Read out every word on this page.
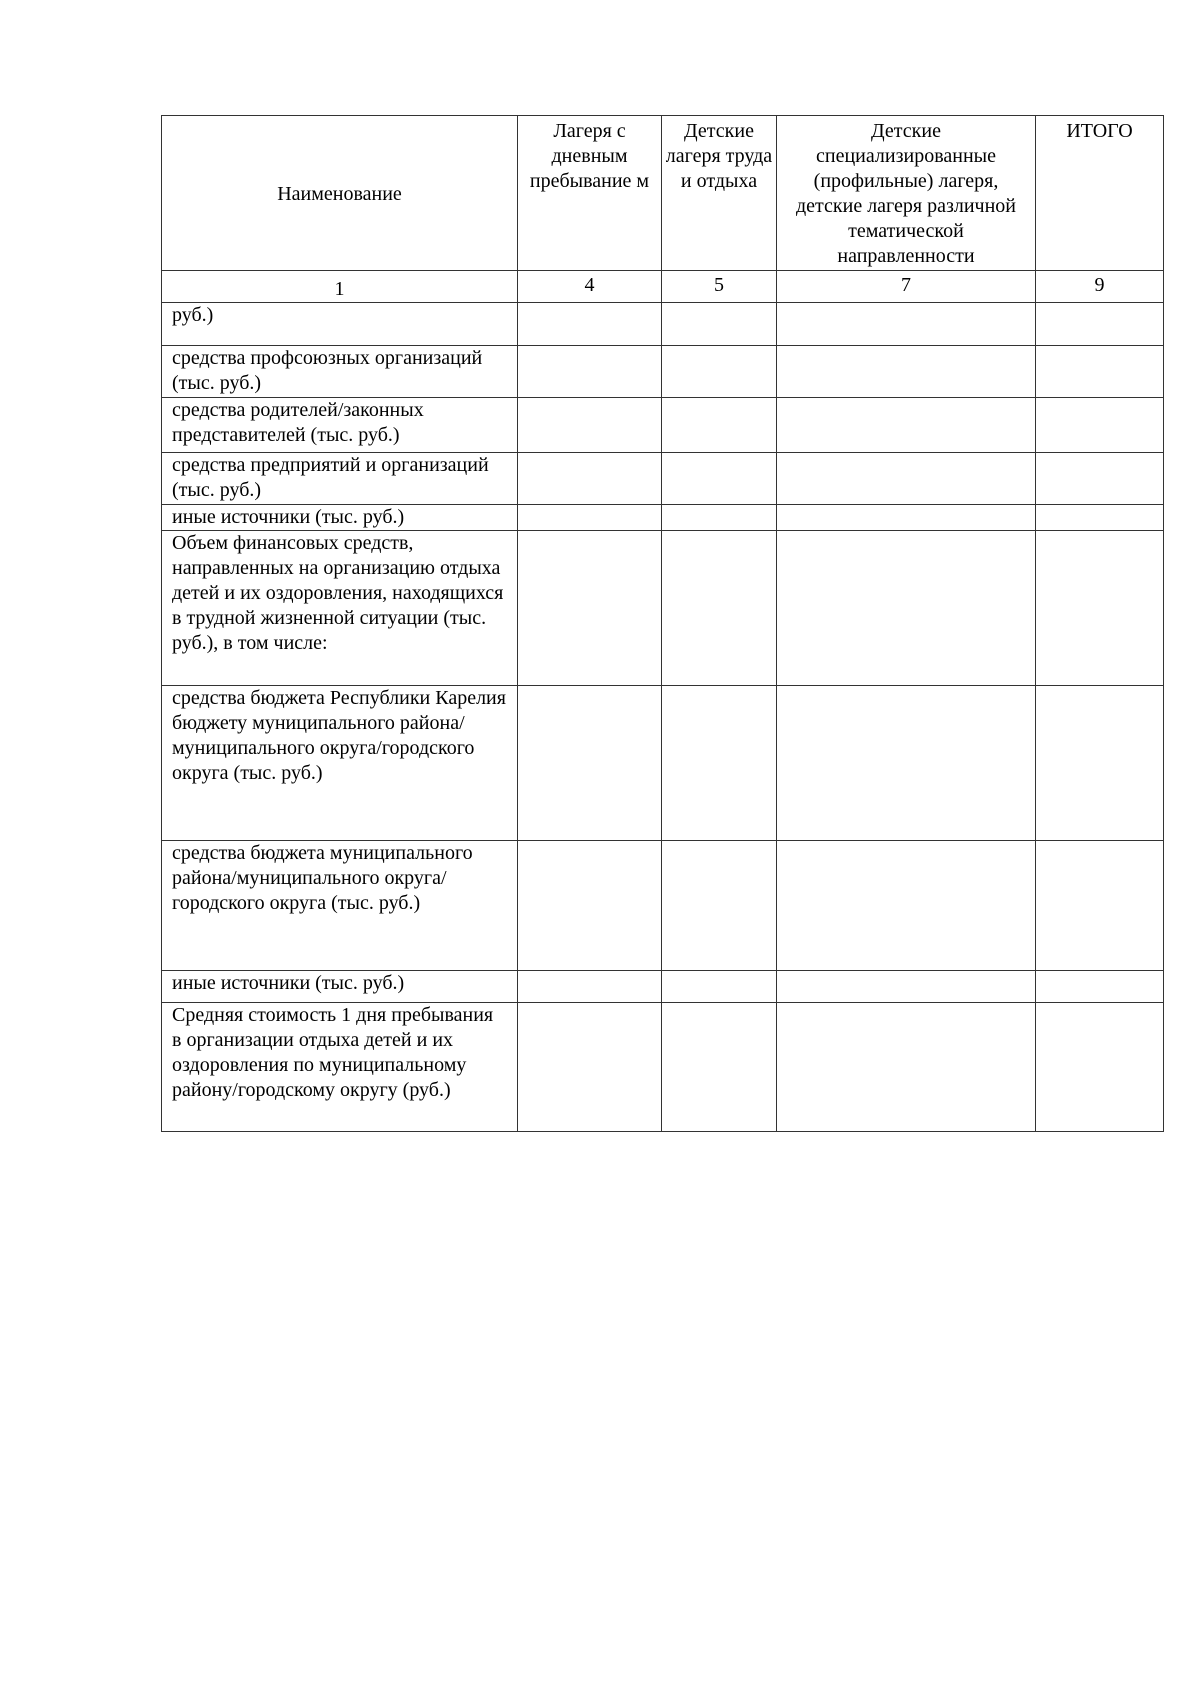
Наименование	Лагеря с дневным пребывание м	Детские лагеря труда и отдыха	Детские специализированные (профильные) лагеря, детские лагеря различной тематической направленности	ИТОГО
1	4	5	7	9
руб.)				
средства профсоюзных организаций (тыс. руб.)				
средства родителей/законных представителей (тыс. руб.)				
средства предприятий и организаций (тыс. руб.)				
иные источники (тыс. руб.)				
Объем финансовых средств, направленных на организацию отдыха детей и их оздоровления, находящихся в трудной жизненной ситуации (тыс. руб.), в том числе:				
средства бюджета Республики Карелия бюджету муниципального района/муниципального округа/городского округа (тыс. руб.)				
средства бюджета муниципального района/муниципального округа/городского округа (тыс. руб.)				
иные источники (тыс. руб.)				
Средняя стоимость 1 дня пребывания в организации отдыха детей и их оздоровления по муниципальному району/городскому округу (руб.)				
